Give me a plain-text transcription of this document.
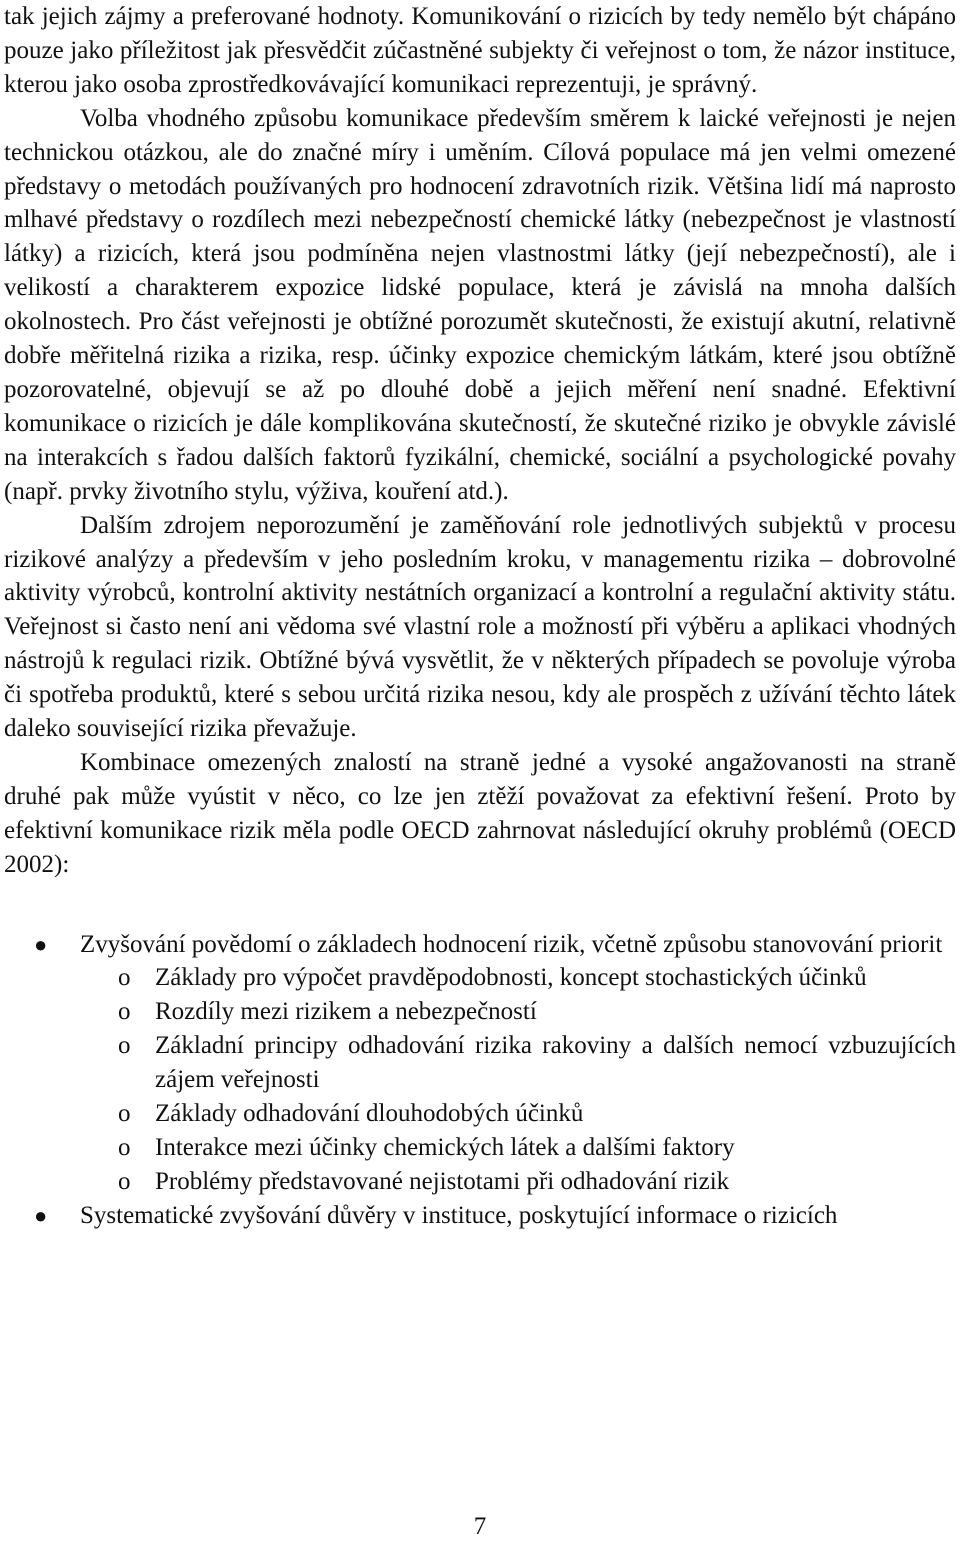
tak jejich zájmy a preferované hodnoty. Komunikování o rizicích by tedy nemělo být chápáno pouze jako příležitost jak přesvědčit zúčastněné subjekty či veřejnost o tom, že názor instituce, kterou jako osoba zprostředkovávající komunikaci reprezentuji, je správný.

Volba vhodného způsobu komunikace především směrem k laické veřejnosti je nejen technickou otázkou, ale do značné míry i uměním. Cílová populace má jen velmi omezené představy o metodách používaných pro hodnocení zdravotních rizik. Většina lidí má naprosto mlhavé představy o rozdílech mezi nebezpečností chemické látky (nebezpečnost je vlastností látky) a rizicích, která jsou podmíněna nejen vlastnostmi látky (její nebezpečností), ale i velikostí a charakterem expozice lidské populace, která je závislá na mnoha dalších okolnostech. Pro část veřejnosti je obtížné porozumět skutečnosti, že existují akutní, relativně dobře měřitelná rizika a rizika, resp. účinky expozice chemickým látkám, které jsou obtížně pozorovatelné, objevují se až po dlouhé době a jejich měření není snadné. Efektivní komunikace o rizicích je dále komplikována skutečností, že skutečné riziko je obvykle závislé na interakcích s řadou dalších faktorů fyzikální, chemické, sociální a psychologické povahy (např. prvky životního stylu, výživa, kouření atd.).

Dalším zdrojem neporozumění je zaměňování role jednotlivých subjektů v procesu rizikové analýzy a především v jeho posledním kroku, v managementu rizika – dobrovolné aktivity výrobců, kontrolní aktivity nestátních organizací a kontrolní a regulační aktivity státu. Veřejnost si často není ani vědoma své vlastní role a možností při výběru a aplikaci vhodných nástrojů k regulaci rizik. Obtížné bývá vysvětlit, že v některých případech se povoluje výroba či spotřeba produktů, které s sebou určitá rizika nesou, kdy ale prospěch z užívání těchto látek daleko související rizika převažuje.

Kombinace omezených znalostí na straně jedné a vysoké angažovanosti na straně druhé pak může vyústit v něco, co lze jen ztěží považovat za efektivní řešení. Proto by efektivní komunikace rizik měla podle OECD zahrnovat následující okruhy problémů (OECD 2002):

● Zvyšování povědomí o základech hodnocení rizik, včetně způsobu stanovování priorit
o Základy pro výpočet pravděpodobnosti, koncept stochastických účinků
o Rozdíly mezi rizikem a nebezpečností
o Základní principy odhadování rizika rakoviny a dalších nemocí vzbuzujících zájem veřejnosti
o Základy odhadování dlouhodobých účinků
o Interakce mezi účinky chemických látek a dalšími faktory
o Problémy představované nejistotami při odhadování rizik
● Systematické zvyšování důvěry v instituce, poskytující informace o rizicích
7
